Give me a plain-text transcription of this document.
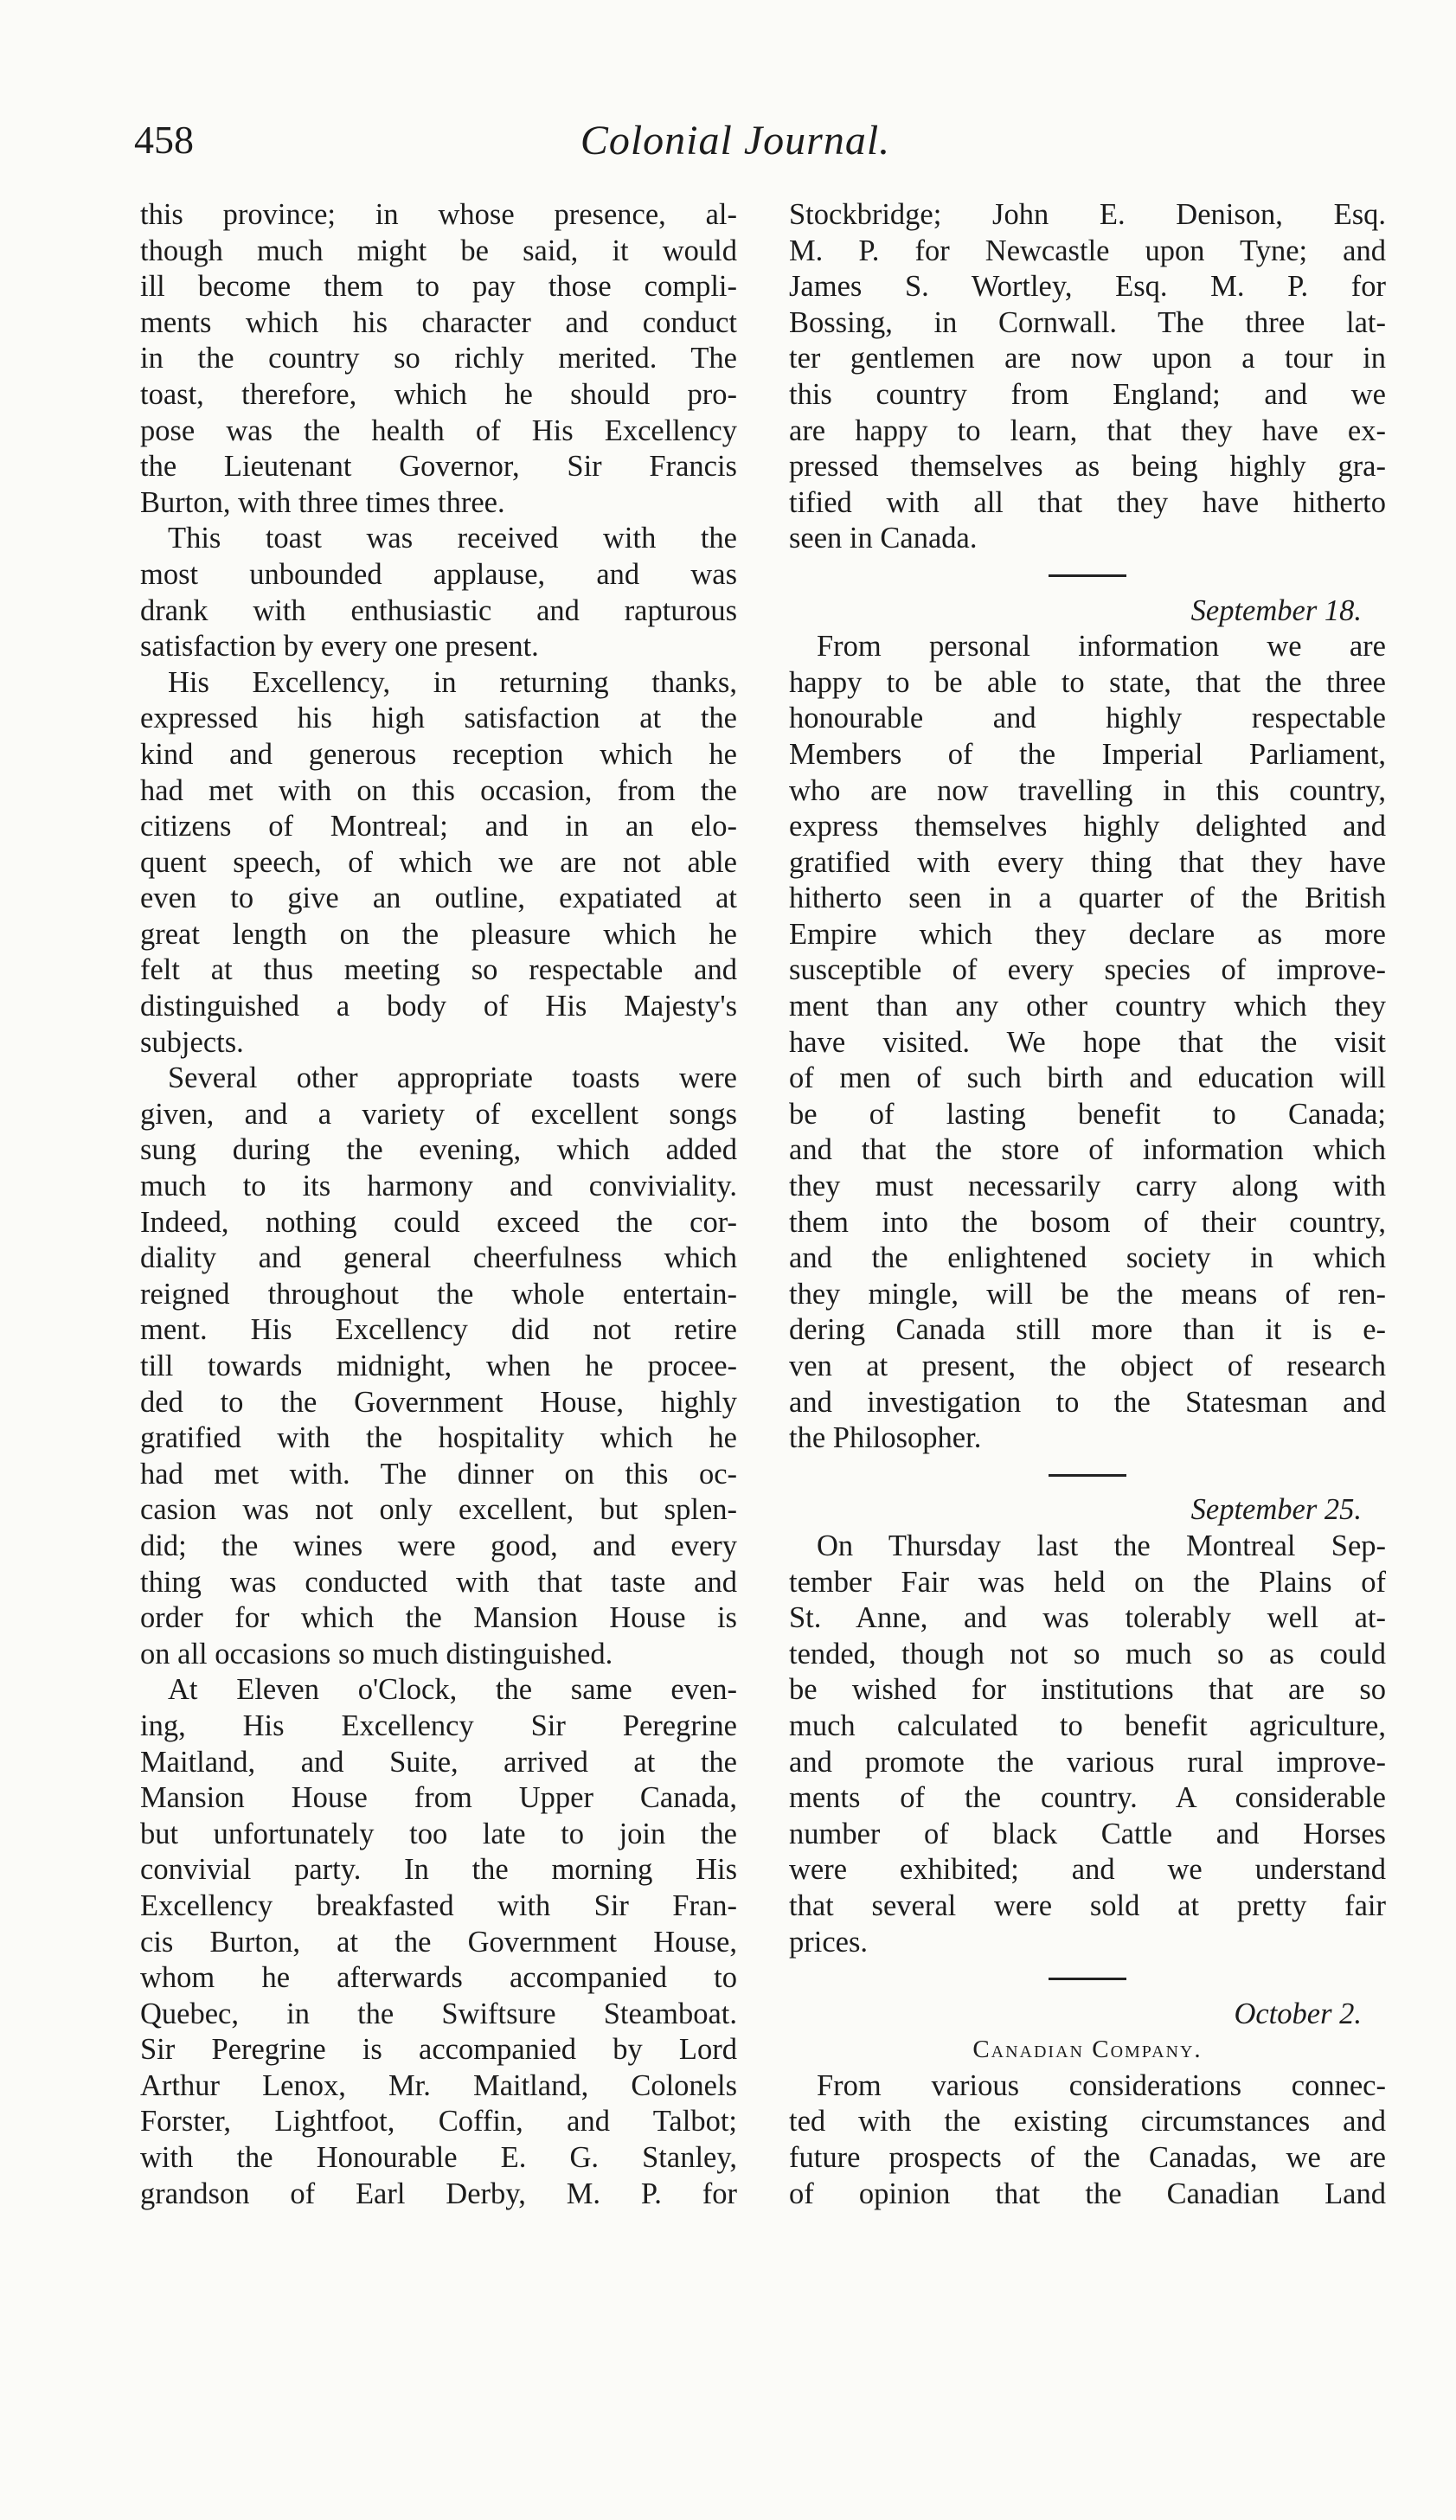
458	Colonial Journal.
this province; in whose presence, al-
though much might be said, it would
ill become them to pay those compli-
ments which his character and conduct
in the country so richly merited. The
toast, therefore, which he should pro-
pose was the health of His Excellency
the Lieutenant Governor, Sir Francis
Burton, with three times three.
This toast was received with the
most unbounded applause, and was
drank with enthusiastic and rapturous
satisfaction by every one present.
His Excellency, in returning thanks,
expressed his high satisfaction at the
kind and generous reception which he
had met with on this occasion, from the
citizens of Montreal; and in an elo-
quent speech, of which we are not able
even to give an outline, expatiated at
great length on the pleasure which he
felt at thus meeting so respectable and
distinguished a body of His Majesty's
subjects.
Several other appropriate toasts were
given, and a variety of excellent songs
sung during the evening, which added
much to its harmony and conviviality.
Indeed, nothing could exceed the cor-
diality and general cheerfulness which
reigned throughout the whole entertain-
ment. His Excellency did not retire
till towards midnight, when he procee-
ded to the Government House, highly
gratified with the hospitality which he
had met with. The dinner on this oc-
casion was not only excellent, but splen-
did; the wines were good, and every
thing was conducted with that taste and
order for which the Mansion House is
on all occasions so much distinguished.
At Eleven o'Clock, the same even-
ing, His Excellency Sir Peregrine
Maitland, and Suite, arrived at the
Mansion House from Upper Canada,
but unfortunately too late to join the
convivial party. In the morning His
Excellency breakfasted with Sir Fran-
cis Burton, at the Government House,
whom he afterwards accompanied to
Quebec, in the Swiftsure Steamboat.
Sir Peregrine is accompanied by Lord
Arthur Lenox, Mr. Maitland, Colonels
Forster, Lightfoot, Coffin, and Talbot;
with the Honourable E. G. Stanley,
grandson of Earl Derby, M. P. for
Stockbridge; John E. Denison, Esq.
M. P. for Newcastle upon Tyne; and
James S. Wortley, Esq. M. P. for
Bossing, in Cornwall. The three lat-
ter gentlemen are now upon a tour in
this country from England; and we
are happy to learn, that they have ex-
pressed themselves as being highly gra-
tified with all that they have hitherto
seen in Canada.
September 18.
From personal information we are
happy to be able to state, that the three
honourable and highly respectable
Members of the Imperial Parliament,
who are now travelling in this country,
express themselves highly delighted and
gratified with every thing that they have
hitherto seen in a quarter of the British
Empire which they declare as more
susceptible of every species of improve-
ment than any other country which they
have visited. We hope that the visit
of men of such birth and education will
be of lasting benefit to Canada;
and that the store of information which
they must necessarily carry along with
them into the bosom of their country,
and the enlightened society in which
they mingle, will be the means of ren-
dering Canada still more than it is e-
ven at present, the object of research
and investigation to the Statesman and
the Philosopher.
September 25.
On Thursday last the Montreal Sep-
tember Fair was held on the Plains of
St. Anne, and was tolerably well at-
tended, though not so much so as could
be wished for institutions that are so
much calculated to benefit agriculture,
and promote the various rural improve-
ments of the country. A considerable
number of black Cattle and Horses
were exhibited; and we understand
that several were sold at pretty fair
prices.
October 2.
Canadian Company.
From various considerations connec-
ted with the existing circumstances and
future prospects of the Canadas, we are
of opinion that the Canadian Land
